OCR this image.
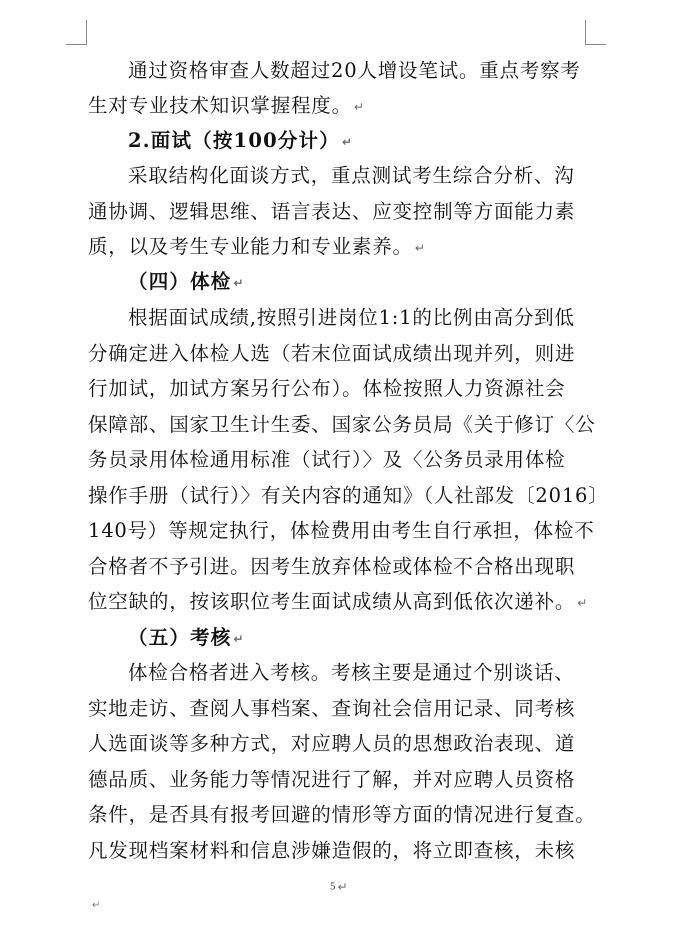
通过资格审查人数超过20人增设笔试。重点考察考
生对专业技术知识掌握程度。 ↵
2.面试（按100分计） ↵
采取结构化面谈方式，重点测试考生综合分析、沟
通协调、逻辑思维、语言表达、应变控制等方面能力素
质，以及考生专业能力和专业素养。 ↵
（四）体检 ↵
根据面试成绩,按照引进岗位1:1的比例由高分到低
分确定进入体检人选（若末位面试成绩出现并列，则进
行加试，加试方案另行公布）。体检按照人力资源社会
保障部、国家卫生计生委、国家公务员局《关于修订〈公
务员录用体检通用标准（试行）〉及〈公务员录用体检
操作手册（试行）〉有关内容的通知》（人社部发〔2016〕
140号）等规定执行，体检费用由考生自行承担，体检不
合格者不予引进。因考生放弃体检或体检不合格出现职
位空缺的，按该职位考生面试成绩从高到低依次递补。 ↵
（五）考核 ↵
体检合格者进入考核。考核主要是通过个别谈话、
实地走访、查阅人事档案、查询社会信用记录、同考核
人选面谈等多种方式，对应聘人员的思想政治表现、道
德品质、业务能力等情况进行了解，并对应聘人员资格
条件，是否具有报考回避的情形等方面的情况进行复查。
凡发现档案材料和信息涉嫌造假的，将立即查核，未核
5 ↵
↵
